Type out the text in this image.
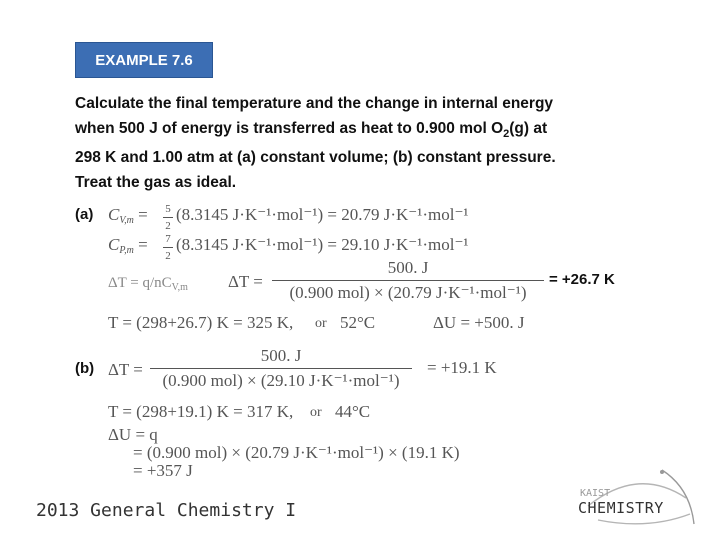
EXAMPLE 7.6
Calculate the final temperature and the change in internal energy
when 500 J of energy is transferred as heat to 0.900 mol $O_2(g)$ at
298 K and 1.00 atm at (a) constant volume; (b) constant pressure.
Treat the gas as ideal.
(a) CV,m = 5
2
(8.3145 J·K⁻¹·mol⁻¹) = 20.79 J·K⁻¹·mol⁻¹
CP,m = 7
2
(8.3145 J·K⁻¹·mol⁻¹) = 29.10 J·K⁻¹·mol⁻¹
$\Delta T = q/nC_{V,m}$ ΔT =
500. J
(0.900 mol) × (20.79 J·K⁻¹·mol⁻¹)
= +26.7 K
T = (298+26.7) K = 325 K, or 52°C	ΔU = +500. J
(b) ΔT =
500. J
(0.900 mol) × (29.10 J·K⁻¹·mol⁻¹)
= +19.1 K
T = (298+19.1) K = 317 K, or 44°C
ΔU = q
= (0.900 mol) × (20.79 J·K⁻¹·mol⁻¹) × (19.1 K)
= +357 J
2013 General Chemistry I
KAIST
CHEMISTRY
